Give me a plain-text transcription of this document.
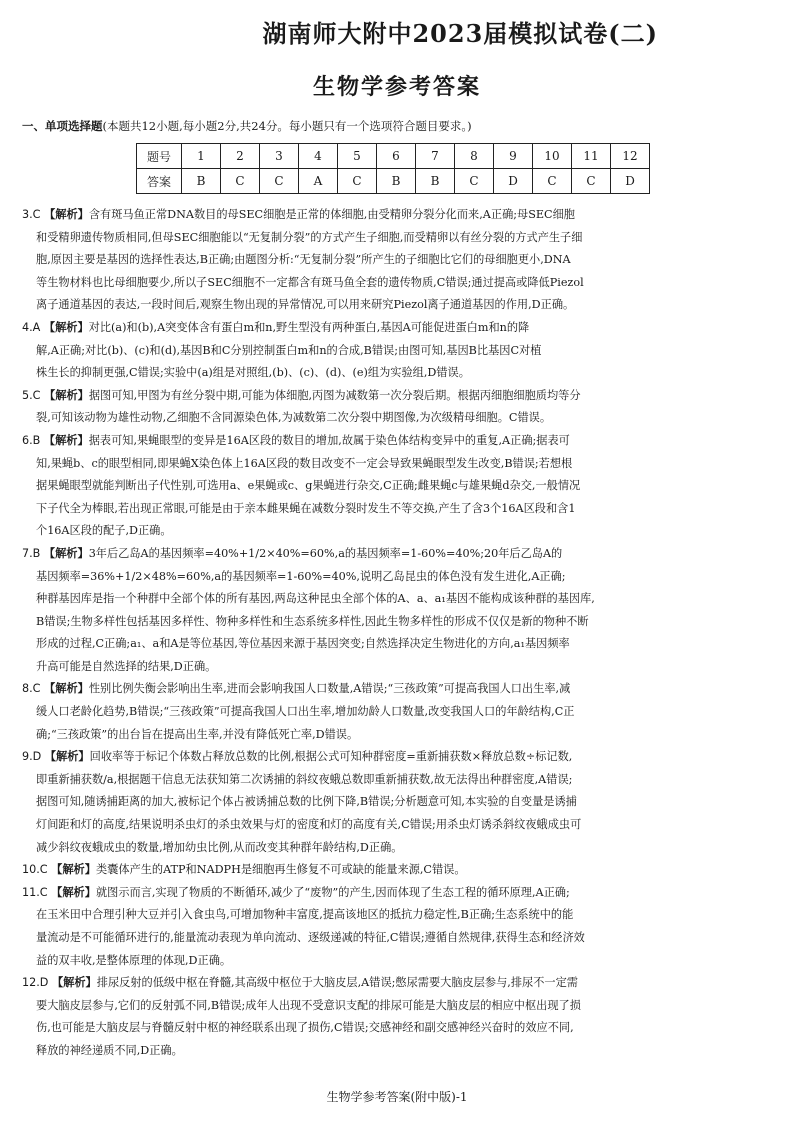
湖南师大附中2023届模拟试卷(二)
生物学参考答案
一、单项选择题(本题共12小题,每小题2分,共24分。每小题只有一个选项符合题目要求。)
题号	1	2	3	4	5	6	7	8	9	10	11	12
答案	B	C	C	A	C	B	B	C	D	C	C	D

3.C 【解析】含有斑马鱼正常DNA数目的母SEC细胞是正常的体细胞,由受精卵分裂分化而来,A正确;母SEC细胞

和受精卵遗传物质相同,但母SEC细胞能以“无复制分裂”的方式产生子细胞,而受精卵以有丝分裂的方式产生子细

胞,原因主要是基因的选择性表达,B正确;由题图分析:“无复制分裂”所产生的子细胞比它们的母细胞更小,DNA

等生物材料也比母细胞要少,所以子SEC细胞不一定都含有斑马鱼全套的遗传物质,C错误;通过提高或降低Piezol

离子通道基因的表达,一段时间后,观察生物出现的异常情况,可以用来研究Piezol离子通道基因的作用,D正确。

4.A 【解析】对比(a)和(b),A突变体含有蛋白m和n,野生型没有两种蛋白,基因A可能促进蛋白m和n的降

解,A正确;对比(b)、(c)和(d),基因B和C分别控制蛋白m和n的合成,B错误;由图可知,基因B比基因C对植

株生长的抑制更强,C错误;实验中(a)组是对照组,(b)、(c)、(d)、(e)组为实验组,D错误。

5.C 【解析】据图可知,甲图为有丝分裂中期,可能为体细胞,丙图为减数第一次分裂后期。根据丙细胞细胞质均等分

裂,可知该动物为雄性动物,乙细胞不含同源染色体,为减数第二次分裂中期图像,为次级精母细胞。C错误。

6.B 【解析】据表可知,果蝇眼型的变异是16A区段的数目的增加,故属于染色体结构变异中的重复,A正确;据表可

知,果蝇b、c的眼型相同,即果蝇X染色体上16A区段的数目改变不一定会导致果蝇眼型发生改变,B错误;若想根

据果蝇眼型就能判断出子代性别,可选用a、e果蝇或c、g果蝇进行杂交,C正确;雌果蝇c与雄果蝇d杂交,一般情况

下子代全为棒眼,若出现正常眼,可能是由于亲本雌果蝇在减数分裂时发生不等交换,产生了含3个16A区段和含1

个16A区段的配子,D正确。

7.B 【解析】3年后乙岛A的基因频率=40%+1/2×40%=60%,a的基因频率=1-60%=40%;20年后乙岛A的

基因频率=36%+1/2×48%=60%,a的基因频率=1-60%=40%,说明乙岛昆虫的体色没有发生进化,A正确;

种群基因库是指一个种群中全部个体的所有基因,两岛这种昆虫全部个体的A、a、a₁基因不能构成该种群的基因库,

B错误;生物多样性包括基因多样性、物种多样性和生态系统多样性,因此生物多样性的形成不仅仅是新的物种不断

形成的过程,C正确;a₁、a和A是等位基因,等位基因来源于基因突变;自然选择决定生物进化的方向,a₁基因频率

升高可能是自然选择的结果,D正确。

8.C 【解析】性别比例失衡会影响出生率,进而会影响我国人口数量,A错误;“三孩政策”可提高我国人口出生率,减

缓人口老龄化趋势,B错误;“三孩政策”可提高我国人口出生率,增加幼龄人口数量,改变我国人口的年龄结构,C正

确;“三孩政策”的出台旨在提高出生率,并没有降低死亡率,D错误。

9.D 【解析】回收率等于标记个体数占释放总数的比例,根据公式可知种群密度=重新捕获数×释放总数÷标记数,

即重新捕获数/a,根据题干信息无法获知第二次诱捕的斜纹夜蛾总数即重新捕获数,故无法得出种群密度,A错误;

据图可知,随诱捕距离的加大,被标记个体占被诱捕总数的比例下降,B错误;分析题意可知,本实验的自变量是诱捕

灯间距和灯的高度,结果说明杀虫灯的杀虫效果与灯的密度和灯的高度有关,C错误;用杀虫灯诱杀斜纹夜蛾成虫可

减少斜纹夜蛾成虫的数量,增加幼虫比例,从而改变其种群年龄结构,D正确。

10.C 【解析】类囊体产生的ATP和NADPH是细胞再生修复不可或缺的能量来源,C错误。

11.C 【解析】就图示而言,实现了物质的不断循环,减少了“废物”的产生,因而体现了生态工程的循环原理,A正确;

在玉米田中合理引种大豆并引入食虫鸟,可增加物种丰富度,提高该地区的抵抗力稳定性,B正确;生态系统中的能

量流动是不可能循环进行的,能量流动表现为单向流动、逐级递减的特征,C错误;遵循自然规律,获得生态和经济效

益的双丰收,是整体原理的体现,D正确。

12.D 【解析】排尿反射的低级中枢在脊髓,其高级中枢位于大脑皮层,A错误;憋尿需要大脑皮层参与,排尿不一定需

要大脑皮层参与,它们的反射弧不同,B错误;成年人出现不受意识支配的排尿可能是大脑皮层的相应中枢出现了损

伤,也可能是大脑皮层与脊髓反射中枢的神经联系出现了损伤,C错误;交感神经和副交感神经兴奋时的效应不同,

释放的神经递质不同,D正确。

生物学参考答案(附中版)-1
